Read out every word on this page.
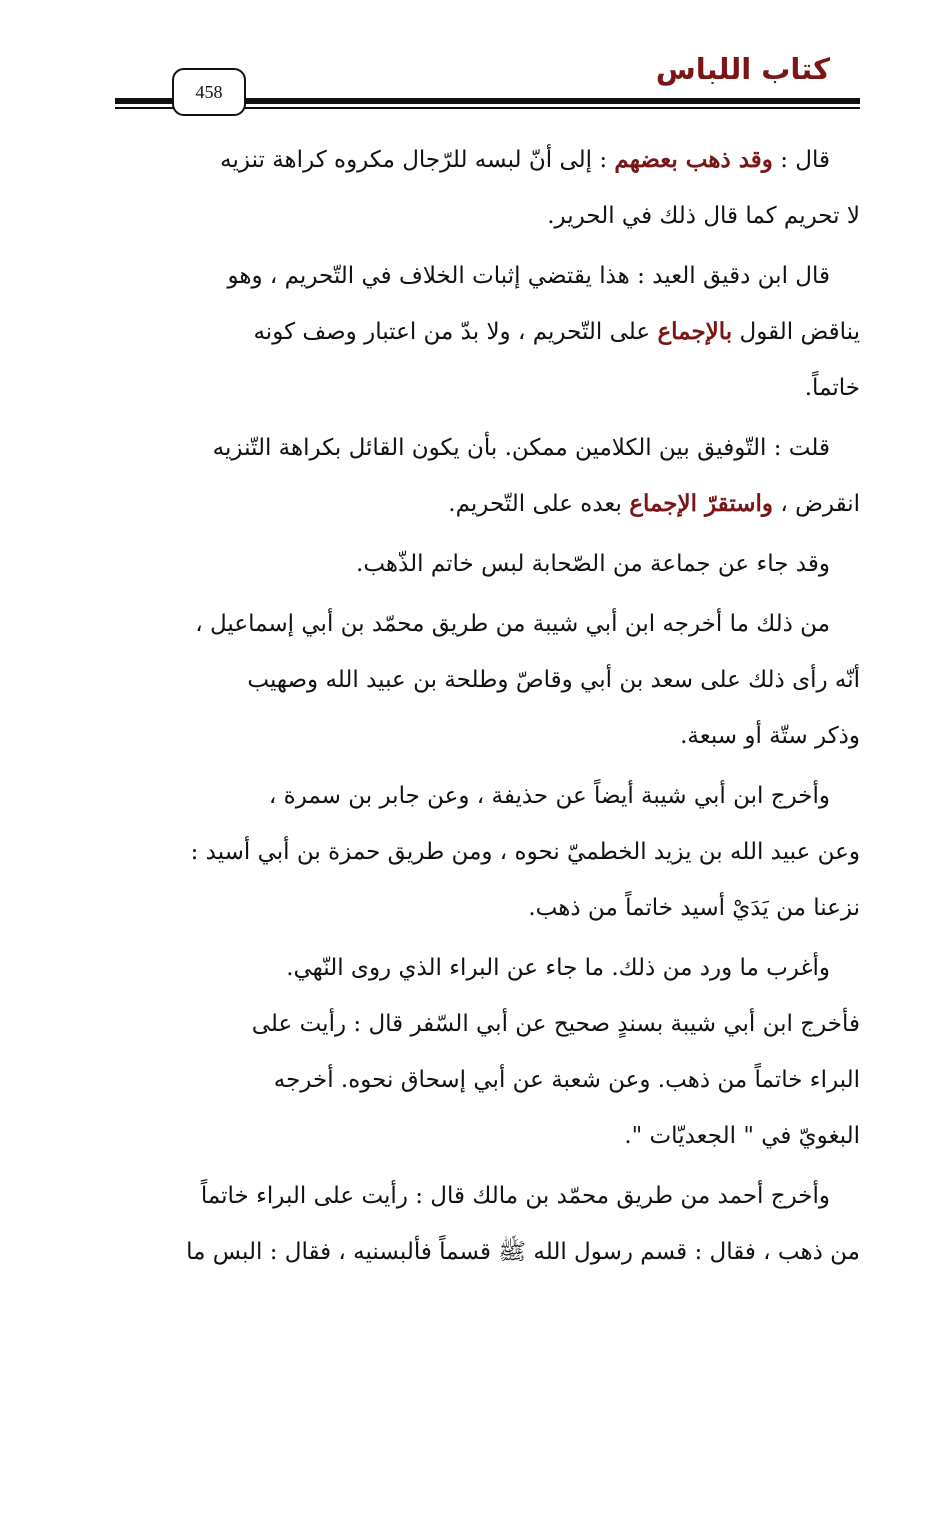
كتاب اللباس
458
قال : وقد ذهب بعضهم : إلى أنّ لبسه للرّجال مكروه كراهة تنزيه
لا تحريم كما قال ذلك في الحرير.
قال ابن دقيق العيد : هذا يقتضي إثبات الخلاف في التّحريم ، وهو
يناقض القول بالإجماع على التّحريم ، ولا بدّ من اعتبار وصف كونه
خاتماً.
قلت : التّوفيق بين الكلامين ممكن. بأن يكون القائل بكراهة التّنزيه
انقرض ، واستقرّ الإجماع بعده على التّحريم.
وقد جاء عن جماعة من الصّحابة لبس خاتم الذّهب.
من ذلك ما أخرجه ابن أبي شيبة من طريق محمّد بن أبي إسماعيل ،
أنّه رأى ذلك على سعد بن أبي وقاصّ وطلحة بن عبيد الله وصهيب
وذكر ستّة أو سبعة.
وأخرج ابن أبي شيبة أيضاً عن حذيفة ، وعن جابر بن سمرة ،
وعن عبيد الله بن يزيد الخطميّ نحوه ، ومن طريق حمزة بن أبي أسيد :
نزعنا من يَدَيْ أسيد خاتماً من ذهب.
وأغرب ما ورد من ذلك. ما جاء عن البراء الذي روى النّهي.
فأخرج ابن أبي شيبة بسندٍ صحيح عن أبي السّفر قال : رأيت على
البراء خاتماً من ذهب. وعن شعبة عن أبي إسحاق نحوه. أخرجه
البغويّ في " الجعديّات ".
وأخرج أحمد من طريق محمّد بن مالك قال : رأيت على البراء خاتماً
من ذهب ، فقال : قسم رسول الله ﷺ قسماً فألبسنيه ، فقال : البس ما
